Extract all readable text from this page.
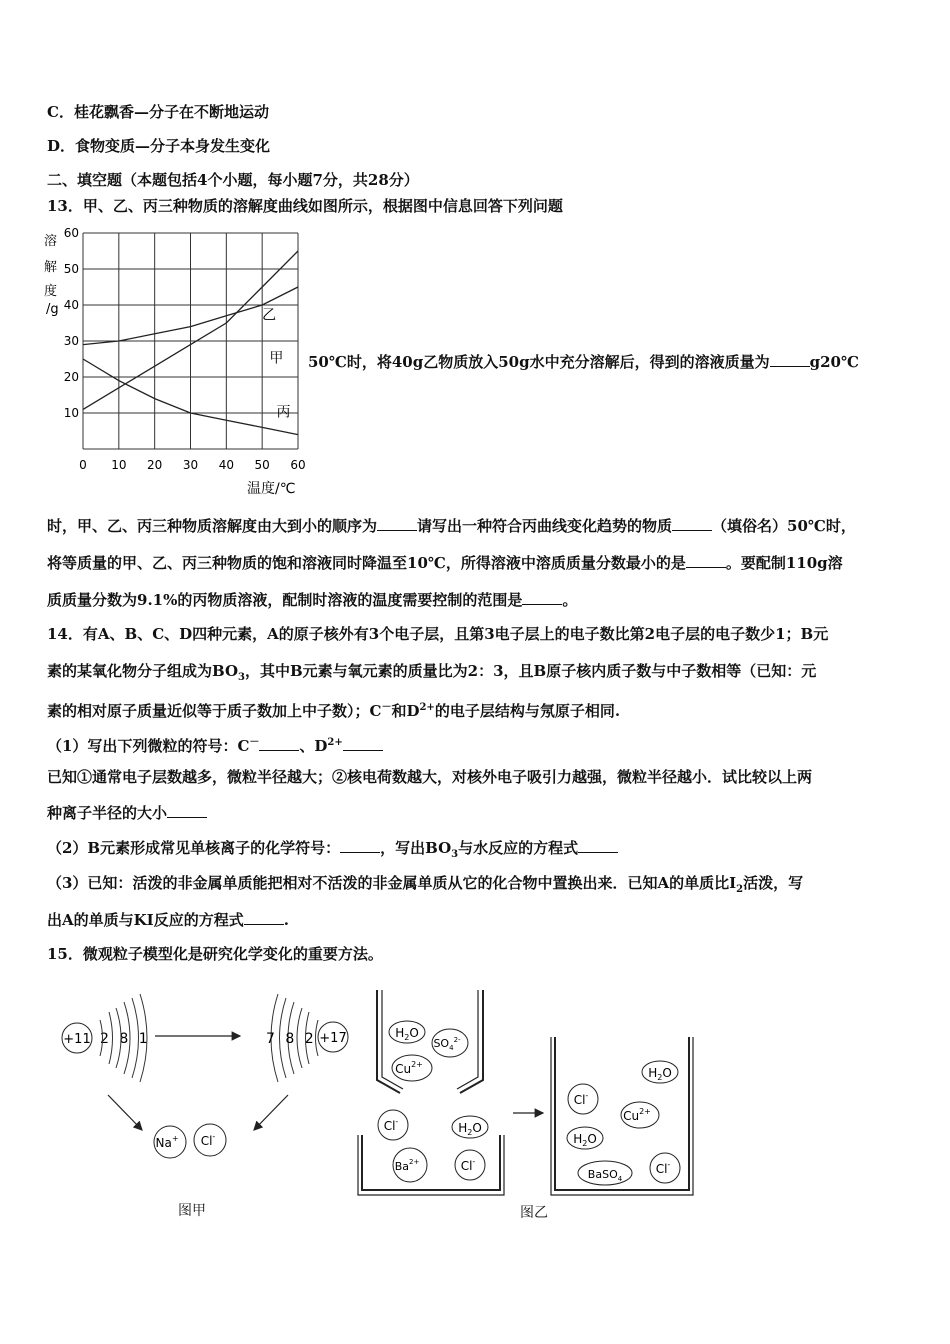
C．桂花飘香—分子在不断地运动
D．食物变质—分子本身发生变化
二、填空题（本题包括4个小题，每小题7分，共28分）
13．甲、乙、丙三种物质的溶解度曲线如图所示，根据图中信息回答下列问题
0 10 20 30 40 50 60
10
20
30
40
50
60
甲
乙
丙
溶
解
度
/g
温度/℃
50℃时，将40g乙物质放入50g水中充分溶解后，得到的溶液质量为	g20℃
时，甲、乙、丙三种物质溶解度由大到小的顺序为	请写出一种符合丙曲线变化趋势的物质	（填俗名）50℃时，
将等质量的甲、乙、丙三种物质的饱和溶液同时降温至10℃，所得溶液中溶质质量分数最小的是	。要配制110g溶
质质量分数为9.1%的丙物质溶液，配制时溶液的温度需要控制的范围是	。
14．有A、B、C、D四种元素，A的原子核外有3个电子层，且第3电子层上的电子数比第2电子层的电子数少1；B元
素的某氧化物分子组成为$BO_3$，其中B元素与氧元素的质量比为2：3，且B原子核内质子数与中子数相等（已知：元
素的相对原子质量近似等于质子数加上中子数）；C－和$D^{2+}$的电子层结构与氖原子相同.
（1）写出下列微粒的符号：C－	、$D^{2+}$
已知①通常电子层数越多，微粒半径越大；②核电荷数越大，对核外电子吸引力越强，微粒半径越小．试比较以上两
种离子半径的大小
（2）B元素形成常见单核离子的化学符号：	，写出$BO_3$与水反应的方程式
（3）已知：活泼的非金属单质能把相对不活泼的非金属单质从它的化合物中置换出来．已知A的单质比$I_2$活泼，写
出A的单质与KI反应的方程式	.
15．微观粒子模型化是研究化学变化的重要方法。
+11 2 8 1	7 8 2 +17
Na+ Cl-
图甲
$H_2O$
$SO_4^{2-}$
$Cu^{2+}$
Cl-	$H_2O$
$Ba^{2+}$	Cl-
$H_2O$
Cl-
$Cu^{2+}$
$H_2O$
BaSO$_4$
Cl-
图乙
